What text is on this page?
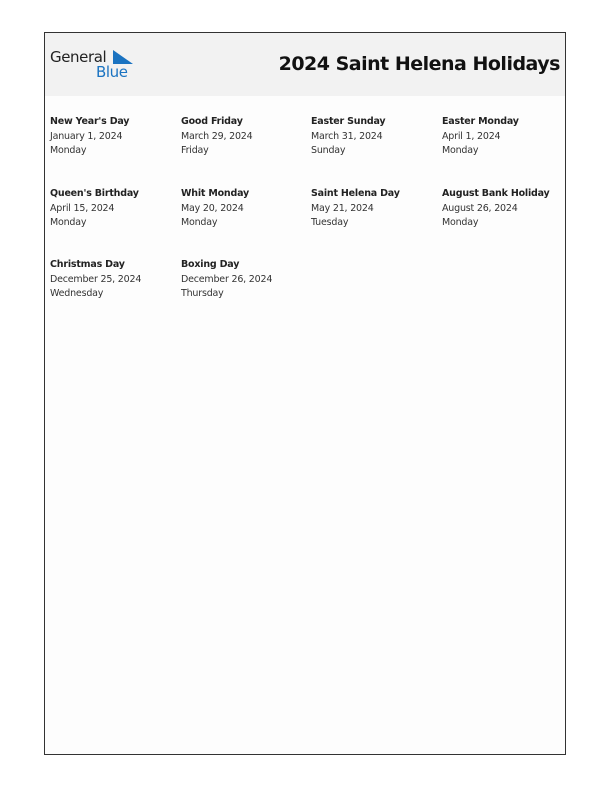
General
Blue	2024 Saint Helena Holidays
New Year's Day
January 1, 2024
Monday
Good Friday
March 29, 2024
Friday
Easter Sunday
March 31, 2024
Sunday
Easter Monday
April 1, 2024
Monday
Queen's Birthday
April 15, 2024
Monday
Whit Monday
May 20, 2024
Monday
Saint Helena Day
May 21, 2024
Tuesday
August Bank Holiday
August 26, 2024
Monday
Christmas Day
December 25, 2024
Wednesday
Boxing Day
December 26, 2024
Thursday
